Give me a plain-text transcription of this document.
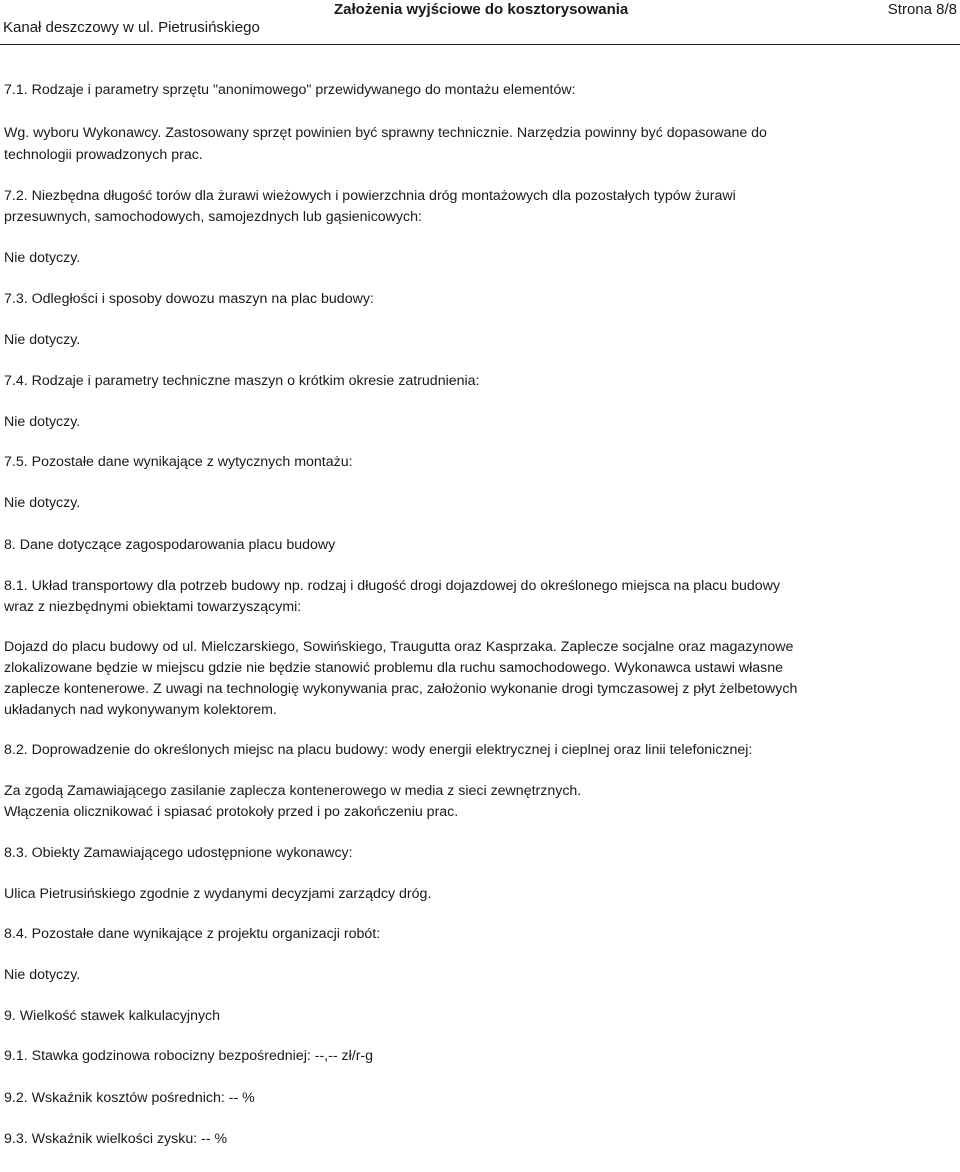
Kanał deszczowy w ul. Pietrusińskiego
Założenia wyjściowe do kosztorysowania	Strona 8/8
7.1. Rodzaje i parametry sprzętu "anonimowego" przewidywanego do montażu elementów:
Wg. wyboru Wykonawcy. Zastosowany sprzęt powinien być sprawny technicznie. Narzędzia powinny być dopasowane do
technologii prowadzonych prac.
7.2. Niezbędna długość torów dla żurawi wieżowych i powierzchnia dróg montażowych dla pozostałych typów żurawi
przesuwnych, samochodowych, samojezdnych lub gąsienicowych:
Nie dotyczy.
7.3. Odległości i sposoby dowozu maszyn na plac budowy:
Nie dotyczy.
7.4. Rodzaje i parametry techniczne maszyn o krótkim okresie zatrudnienia:
Nie dotyczy.
7.5. Pozostałe dane wynikające z wytycznych montażu:
Nie dotyczy.
8. Dane dotyczące zagospodarowania placu budowy
8.1. Układ transportowy dla potrzeb budowy np. rodzaj i długość drogi dojazdowej do określonego miejsca na placu budowy
wraz z niezbędnymi obiektami towarzyszącymi:
Dojazd do placu budowy od ul. Mielczarskiego, Sowińskiego, Traugutta oraz Kasprzaka. Zaplecze socjalne oraz magazynowe
zlokalizowane będzie w miejscu gdzie nie będzie stanowić problemu dla ruchu samochodowego. Wykonawca ustawi własne
zaplecze kontenerowe. Z uwagi na technologię wykonywania prac, założonio wykonanie drogi tymczasowej z płyt żelbetowych
układanych nad wykonywanym kolektorem.
8.2. Doprowadzenie do określonych miejsc na placu budowy: wody energii elektrycznej i cieplnej oraz linii telefonicznej:
Za zgodą Zamawiającego zasilanie zaplecza kontenerowego w media z sieci zewnętrznych.
Włączenia olicznikować i spiasać protokoły przed i po zakończeniu prac.
8.3. Obiekty Zamawiającego udostępnione wykonawcy:
Ulica Pietrusińskiego zgodnie z wydanymi decyzjami zarządcy dróg.
8.4. Pozostałe dane wynikające z projektu organizacji robót:
Nie dotyczy.
9. Wielkość stawek kalkulacyjnych
9.1. Stawka godzinowa robocizny bezpośredniej: --,-- zł/r-g
9.2. Wskaźnik kosztów pośrednich: -- %
9.3. Wskaźnik wielkości zysku: -- %
